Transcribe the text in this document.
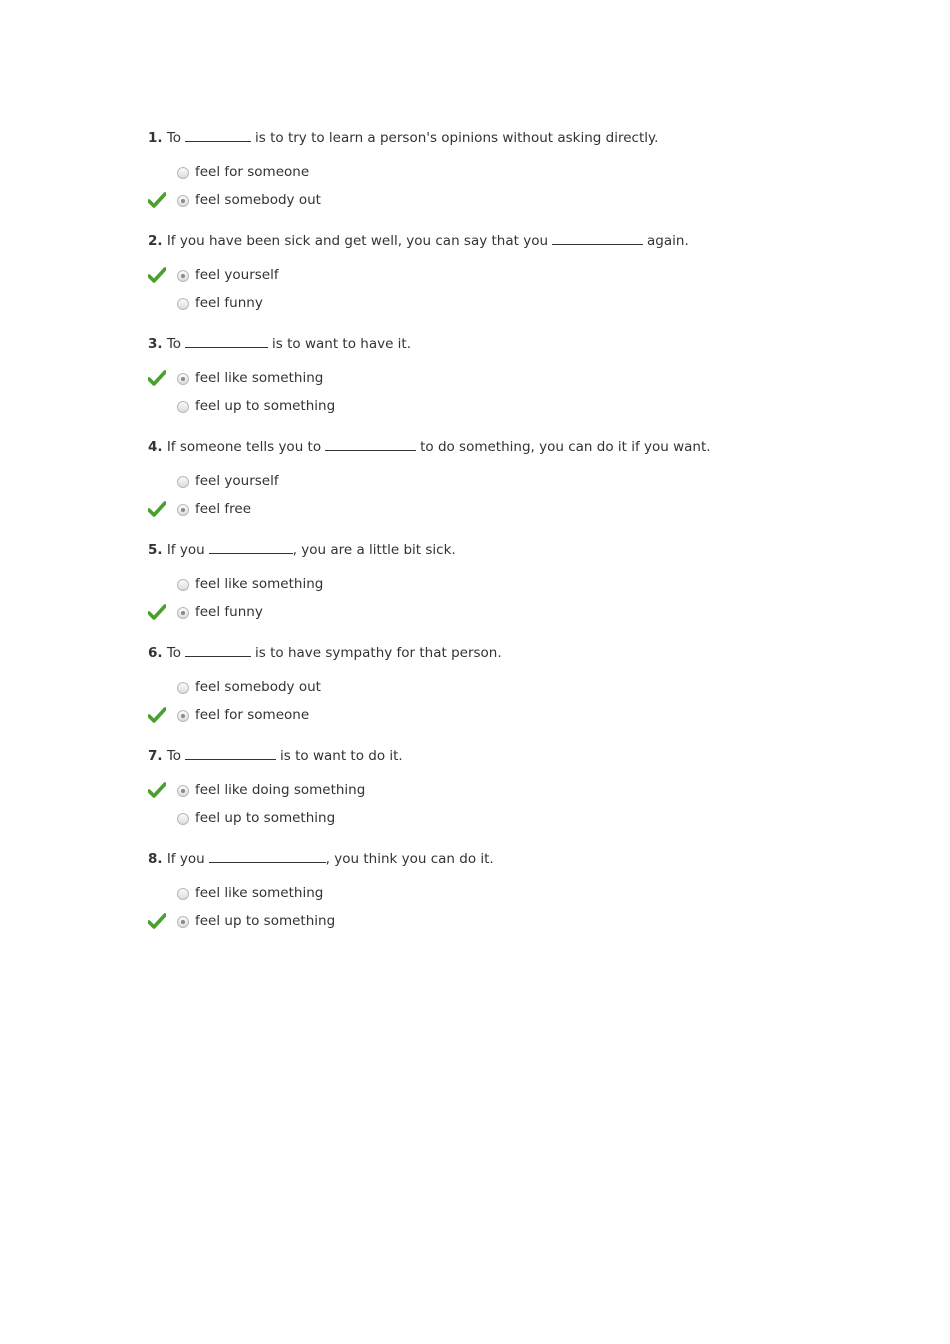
1. To	is to try to learn a person's opinions without asking directly.
feel for someone
feel somebody out
2. If you have been sick and get well, you can say that you	again.
feel yourself
feel funny
3. To	is to want to have it.
feel like something
feel up to something
4. If someone tells you to	to do something, you can do it if you want.
feel yourself
feel free
5. If you	, you are a little bit sick.
feel like something
feel funny
6. To	is to have sympathy for that person.
feel somebody out
feel for someone
7. To	is to want to do it.
feel like doing something
feel up to something
8. If you	, you think you can do it.
feel like something
feel up to something
